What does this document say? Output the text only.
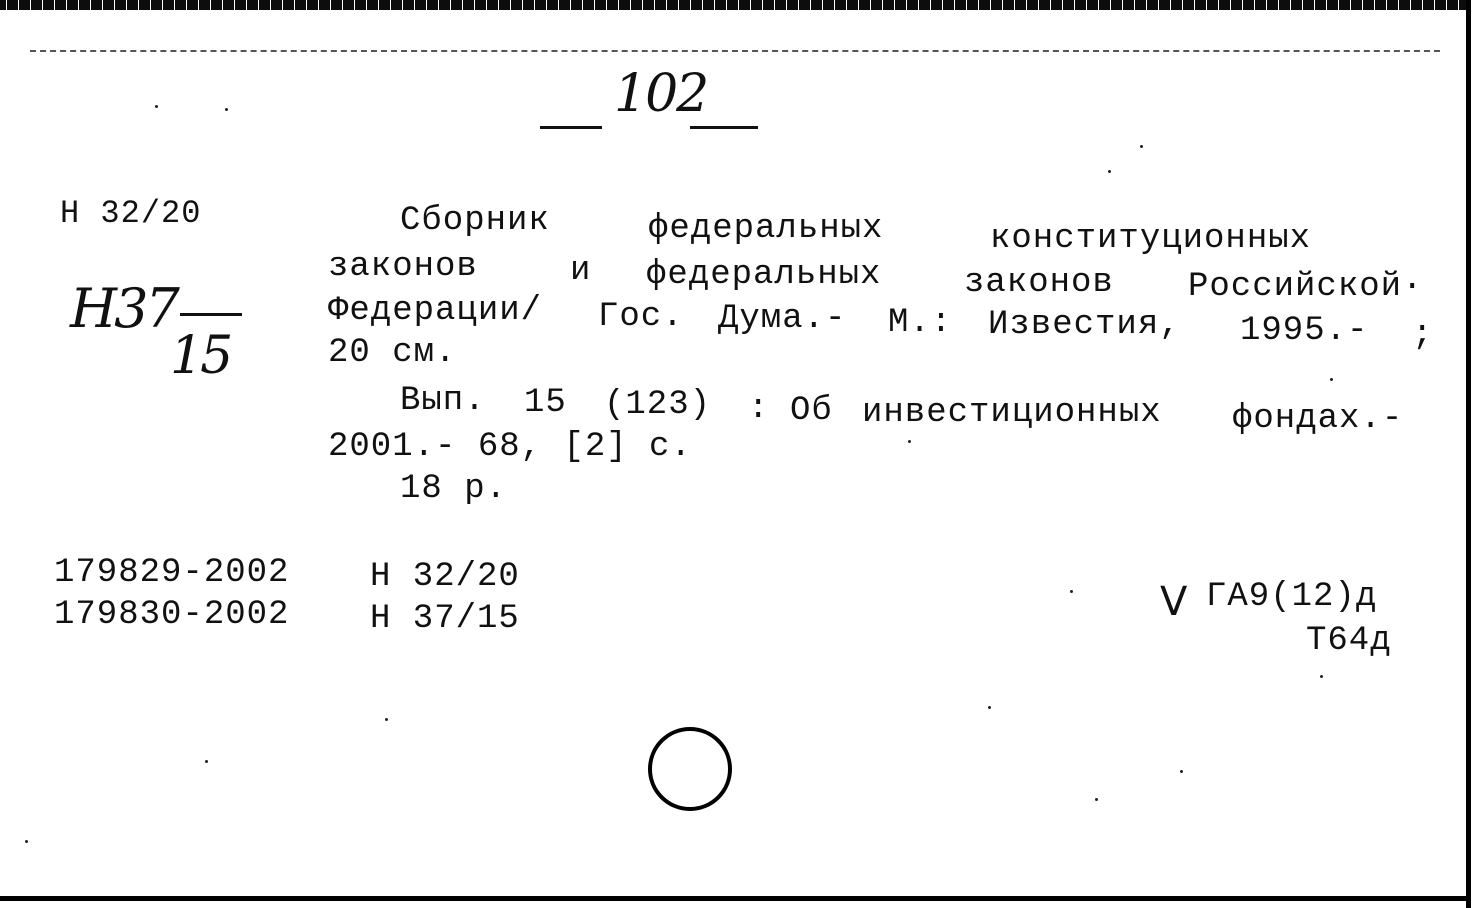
102
Н 32/20
Н37
15
Сборник	федеральных	конституционных
законов	и федеральных законов Российской·
Федерации/ Гос. Дума.- М.: Известия, 1995.- ;
20 см.
Вып. 15 (123) : Об инвестиционных фондах.-
2001.- 68, [2] с.
18 р.
179829-2002 Н 32/20
179830-2002 Н 37/15	V ГА9(12)д
Т64д
